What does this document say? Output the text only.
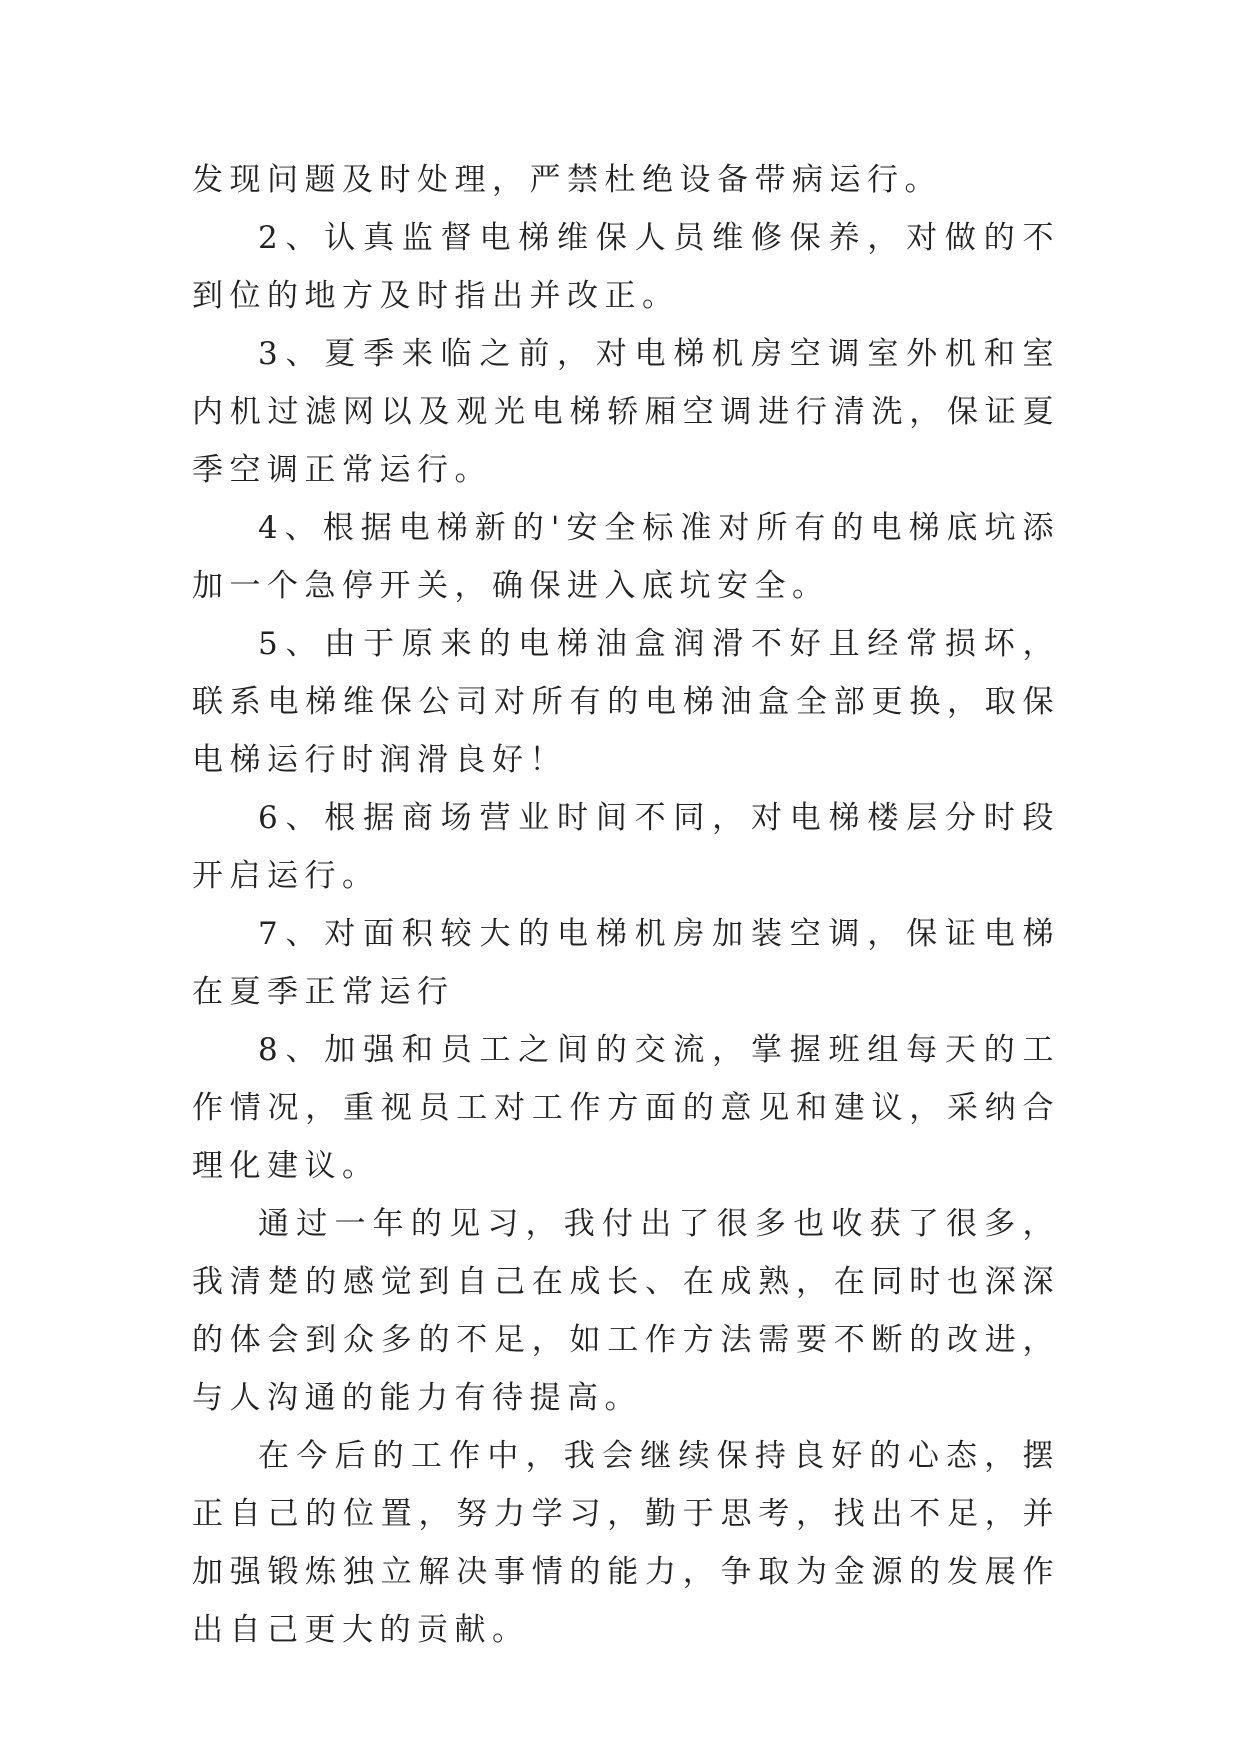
发现问题及时处理，严禁杜绝设备带病运行。

2、认真监督电梯维保人员维修保养，对做的不到位的地方及时指出并改正。

3、夏季来临之前，对电梯机房空调室外机和室内机过滤网以及观光电梯轿厢空调进行清洗，保证夏季空调正常运行。

4、根据电梯新的'安全标准对所有的电梯底坑添加一个急停开关，确保进入底坑安全。

5、由于原来的电梯油盒润滑不好且经常损坏，联系电梯维保公司对所有的电梯油盒全部更换，取保电梯运行时润滑良好！

6、根据商场营业时间不同，对电梯楼层分时段开启运行。

7、对面积较大的电梯机房加装空调，保证电梯在夏季正常运行

8、加强和员工之间的交流，掌握班组每天的工作情况，重视员工对工作方面的意见和建议，采纳合理化建议。

通过一年的见习，我付出了很多也收获了很多，我清楚的感觉到自己在成长、在成熟，在同时也深深的体会到众多的不足，如工作方法需要不断的改进，与人沟通的能力有待提高。

在今后的工作中，我会继续保持良好的心态，摆正自己的位置，努力学习，勤于思考，找出不足，并加强锻炼独立解决事情的能力，争取为金源的发展作出自己更大的贡献。
